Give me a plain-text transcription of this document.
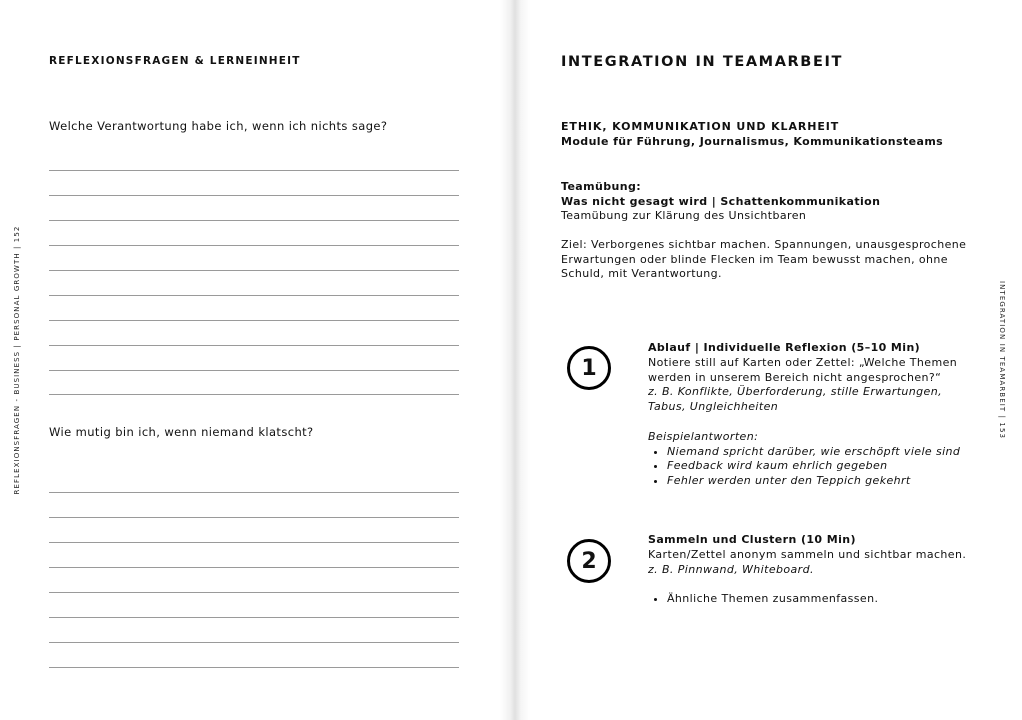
REFLEXIONSFRAGEN & LERNEINHEIT
Welche Verantwortung habe ich, wenn ich nichts sage?
Wie mutig bin ich, wenn niemand klatscht?
REFLEXIONSFRAGEN - BUSINESS | PERSONAL GROWTH | 152
INTEGRATION IN TEAMARBEIT
ETHIK, KOMMUNIKATION UND KLARHEIT
Module für Führung, Journalismus, Kommunikationsteams
Teamübung:
Was nicht gesagt wird | Schattenkommunikation
Teamübung zur Klärung des Unsichtbaren
Ziel: Verborgenes sichtbar machen. Spannungen, unausgesprochene
Erwartungen oder blinde Flecken im Team bewusst machen, ohne
Schuld, mit Verantwortung.
1
Ablauf | Individuelle Reflexion (5–10 Min)
Notiere still auf Karten oder Zettel: „Welche Themen
werden in unserem Bereich nicht angesprochen?“
z. B. Konflikte, Überforderung, stille Erwartungen,
Tabus, Ungleichheiten
Beispielantworten:
• Niemand spricht darüber, wie erschöpft viele sind
• Feedback wird kaum ehrlich gegeben
• Fehler werden unter den Teppich gekehrt
2
Sammeln und Clustern (10 Min)
Karten/Zettel anonym sammeln und sichtbar machen.
z. B. Pinnwand, Whiteboard.
• Ähnliche Themen zusammenfassen.
INTEGRATION IN TEAMARBEIT | 153
